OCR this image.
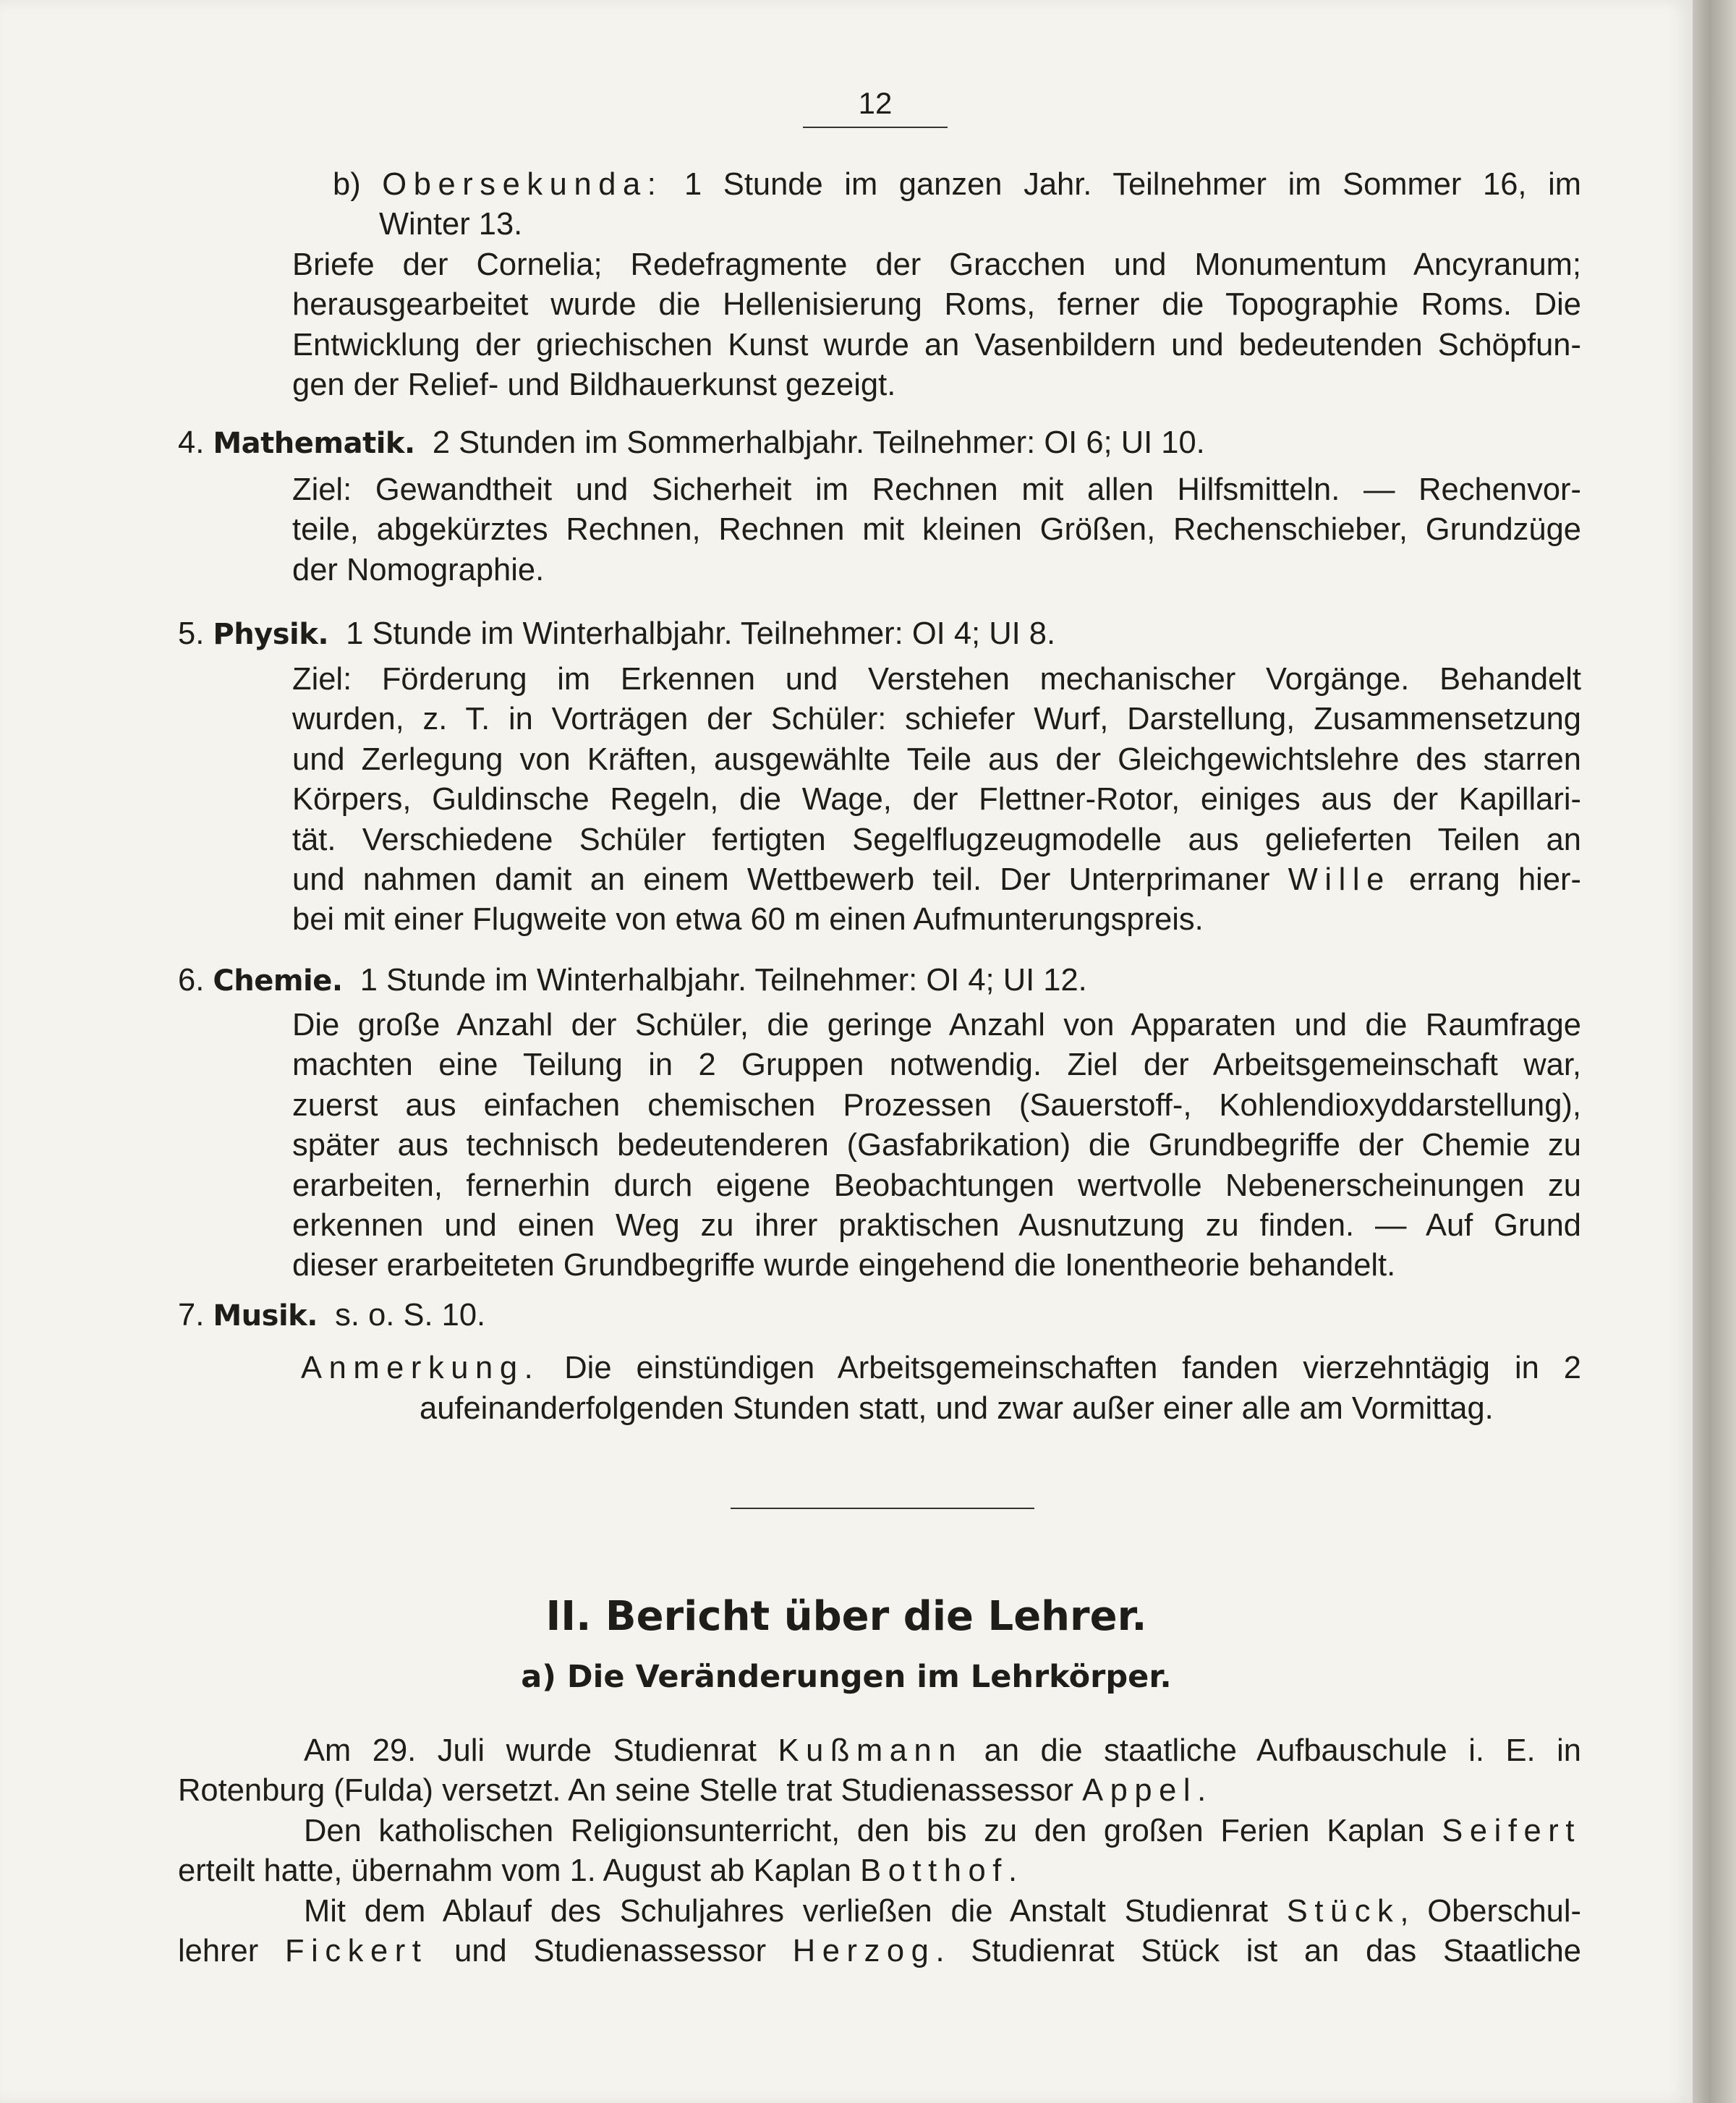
12
b) Obersekunda: 1 Stunde im ganzen Jahr. Teilnehmer im Sommer 16, im
Winter 13.
Briefe der Cornelia; Redefragmente der Gracchen und Monumentum Ancyranum;
herausgearbeitet wurde die Hellenisierung Roms, ferner die Topographie Roms. Die
Entwicklung der griechischen Kunst wurde an Vasenbildern und bedeutenden Schöpfun-
gen der Relief- und Bildhauerkunst gezeigt.
4. Mathematik. 2 Stunden im Sommerhalbjahr. Teilnehmer: OI 6; UI 10.
Ziel: Gewandtheit und Sicherheit im Rechnen mit allen Hilfsmitteln. — Rechenvor-
teile, abgekürztes Rechnen, Rechnen mit kleinen Größen, Rechenschieber, Grundzüge
der Nomographie.
5. Physik. 1 Stunde im Winterhalbjahr. Teilnehmer: OI 4; UI 8.
Ziel: Förderung im Erkennen und Verstehen mechanischer Vorgänge. Behandelt
wurden, z. T. in Vorträgen der Schüler: schiefer Wurf, Darstellung, Zusammensetzung
und Zerlegung von Kräften, ausgewählte Teile aus der Gleichgewichtslehre des starren
Körpers, Guldinsche Regeln, die Wage, der Flettner-Rotor, einiges aus der Kapillari-
tät. Verschiedene Schüler fertigten Segelflugzeugmodelle aus gelieferten Teilen an
und nahmen damit an einem Wettbewerb teil. Der Unterprimaner Wille errang hier-
bei mit einer Flugweite von etwa 60 m einen Aufmunterungspreis.
6. Chemie. 1 Stunde im Winterhalbjahr. Teilnehmer: OI 4; UI 12.
Die große Anzahl der Schüler, die geringe Anzahl von Apparaten und die Raumfrage
machten eine Teilung in 2 Gruppen notwendig. Ziel der Arbeitsgemeinschaft war,
zuerst aus einfachen chemischen Prozessen (Sauerstoff-, Kohlendioxyddarstellung),
später aus technisch bedeutenderen (Gasfabrikation) die Grundbegriffe der Chemie zu
erarbeiten, fernerhin durch eigene Beobachtungen wertvolle Nebenerscheinungen zu
erkennen und einen Weg zu ihrer praktischen Ausnutzung zu finden. — Auf Grund
dieser erarbeiteten Grundbegriffe wurde eingehend die Ionentheorie behandelt.
7. Musik. s. o. S. 10.
Anmerkung. Die einstündigen Arbeitsgemeinschaften fanden vierzehntägig in 2
aufeinanderfolgenden Stunden statt, und zwar außer einer alle am Vormittag.
II. Bericht über die Lehrer.
a) Die Veränderungen im Lehrkörper.
Am 29. Juli wurde Studienrat Kußmann an die staatliche Aufbauschule i. E. in
Rotenburg (Fulda) versetzt. An seine Stelle trat Studienassessor Appel.
Den katholischen Religionsunterricht, den bis zu den großen Ferien Kaplan Seifert
erteilt hatte, übernahm vom 1. August ab Kaplan Botthof.
Mit dem Ablauf des Schuljahres verließen die Anstalt Studienrat Stück, Oberschul-
lehrer Fickert und Studienassessor Herzog. Studienrat Stück ist an das Staatliche
